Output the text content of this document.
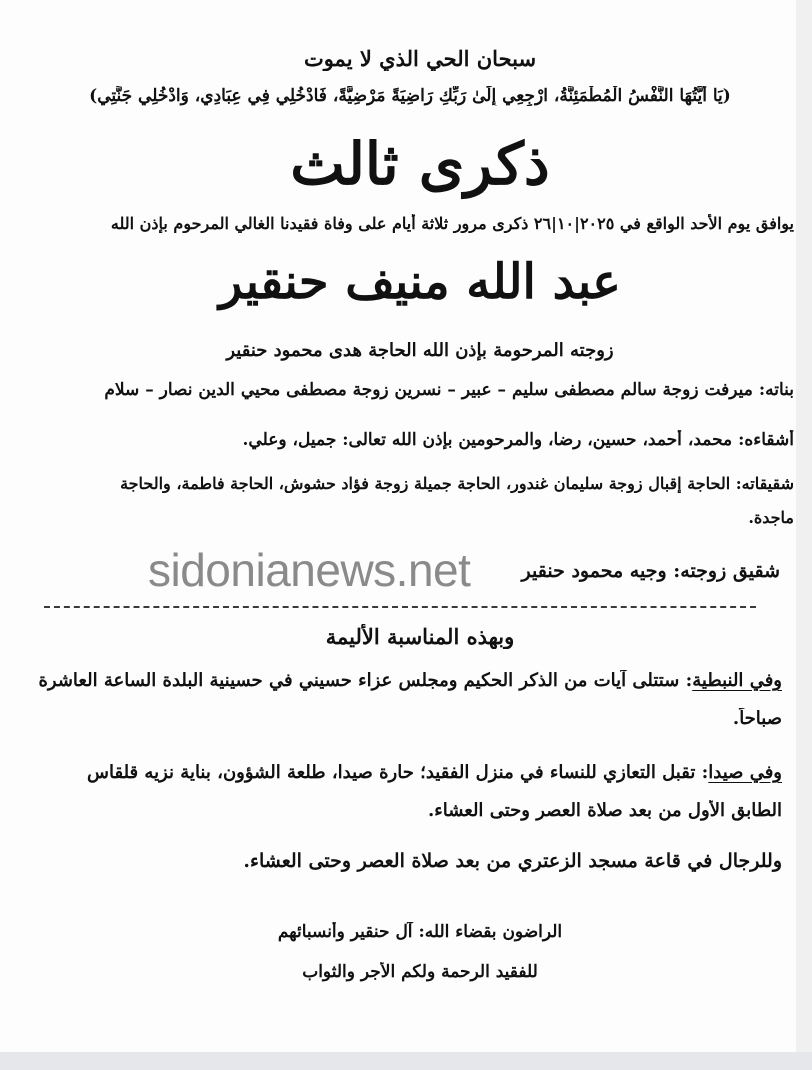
سبحان الحي الذي لا يموت
(يَا أَيَّتُهَا النَّفْسُ الْمُطْمَئِنَّةُ، ارْجِعِي إِلَىٰ رَبِّكِ رَاضِيَةً مَرْضِيَّةً، فَادْخُلِي فِي عِبَادِي، وَادْخُلِي جَنَّتِي)
ذكرى ثالث
يوافق يوم الأحد الواقع في ٢٠٢٥|١٠|٢٦ ذكرى مرور ثلاثة أيام على وفاة فقيدنا الغالي المرحوم بإذن الله
عبد الله منيف حنقير
زوجته المرحومة بإذن الله الحاجة هدى محمود حنقير
بناته: ميرفت زوجة سالم مصطفى سليم – عبير – نسرين زوجة مصطفى محيي الدين نصار – سلام
أشقاءه: محمد، أحمد، حسين، رضا، والمرحومين بإذن الله تعالى: جميل، وعلي.
شقيقاته: الحاجة إقبال زوجة سليمان غندور، الحاجة جميلة زوجة فؤاد حشوش، الحاجة فاطمة، والحاجة
ماجدة.
شقيق زوجته: وجيه محمود حنقير
sidonianews.net
وبهذه المناسبة الأليمة
وفي النبطية: ستتلى آيات من الذكر الحكيم ومجلس عزاء حسيني في حسينية البلدة الساعة العاشرة
صباحاً.
وفي صيدا: تقبل التعازي للنساء في منزل الفقيد؛ حارة صيدا، طلعة الشؤون، بناية نزيه قلقاس
الطابق الأول من بعد صلاة العصر وحتى العشاء.
وللرجال في قاعة مسجد الزعتري من بعد صلاة العصر وحتى العشاء.
الراضون بقضاء الله: آل حنقير وأنسبائهم
للفقيد الرحمة ولكم الأجر والثواب
